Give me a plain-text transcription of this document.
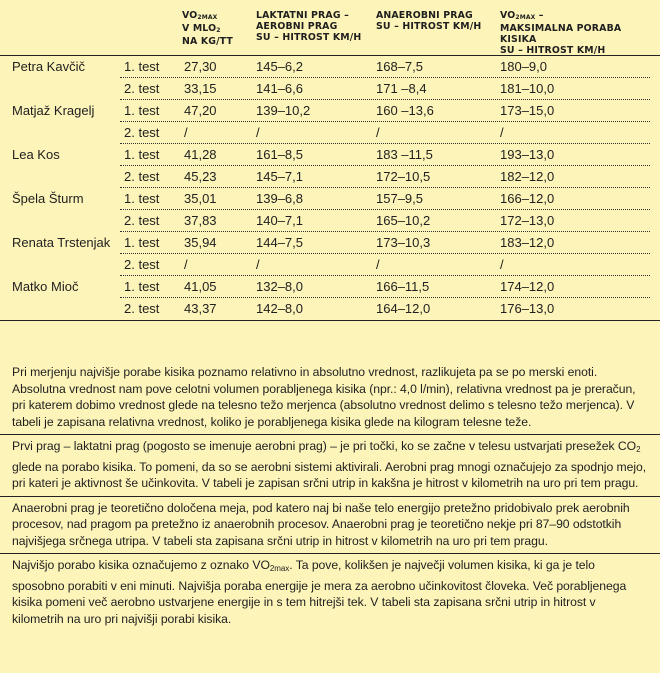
$VO_{2MAX}$
V $MLO_2$
NA KG/TT
LAKTATNI PRAG –
AEROBNI PRAG
SU – HITROST KM/H
ANAEROBNI PRAG
SU – HITROST KM/H
$VO_{2MAX}$ –
MAKSIMALNA PORABA KISIKA
SU – HITROST KM/H
Petra Kavčič	1. test 27,30	145–6,2	168–7,5	180–9,0
2. test 33,15	141–6,6	171 –8,4	181–10,0
Matjaž Kragelj 1. test 47,20	139–10,2	160 –13,6	173–15,0
2. test /	/	/	/
Lea Kos	1. test 41,28	161–8,5	183 –11,5	193–13,0
2. test 45,23	145–7,1	172–10,5	182–12,0
Špela Šturm	1. test 35,01	139–6,8	157–9,5	166–12,0
2. test 37,83	140–7,1	165–10,2	172–13,0
Renata Trstenjak 1. test 35,94	144–7,5	173–10,3	183–12,0
2. test /	/	/	/
Matko Mioč	1. test 41,05	132–8,0	166–11,5	174–12,0
2. test 43,37	142–8,0	164–12,0	176–13,0
Pri merjenju najvišje porabe kisika poznamo relativno in absolutno vrednost, razlikujeta pa se po merski enoti. Absolutna vrednost nam pove celotni volumen porabljenega kisika (npr.: 4,0 l/min), relativna vrednost pa je preračun, pri katerem dobimo vrednost glede na telesno težo merjenca (absolutno vrednost delimo s telesno težo merjenca). V tabeli je zapisana relativna vrednost, koliko je porabljenega kisika glede na kilogram telesne teže.
Prvi prag – laktatni prag (pogosto se imenuje aerobni prag) – je pri točki, ko se začne v telesu ustvarjati presežek $CO_2$ glede na porabo kisika. To pomeni, da so se aerobni sistemi aktivirali. Aerobni prag mnogi označujejo za spodnjo mejo, pri kateri je aktivnost še učinkovita. V tabeli je zapisan srčni utrip in kakšna je hitrost v kilometrih na uro pri tem pragu.
Anaerobni prag je teoretično določena meja, pod katero naj bi naše telo energijo pretežno pridobivalo prek aerobnih procesov, nad pragom pa pretežno iz anaerobnih procesov. Anaerobni prag je teoretično nekje pri 87–90 odstotkih najvišjega srčnega utripa. V tabeli sta zapisana srčni utrip in hitrost v kilometrih na uro pri tem pragu.
Najvišjo porabo kisika označujemo z oznako $VO_{2max}$. Ta pove, kolikšen je največji volumen kisika, ki ga je telo sposobno porabiti v eni minuti. Najvišja poraba energije je mera za aerobno učinkovitost človeka. Več porabljenega kisika pomeni več aerobno ustvarjene energije in s tem hitrejši tek. V tabeli sta zapisana srčni utrip in hitrost v kilometrih na uro pri najvišji porabi kisika.
